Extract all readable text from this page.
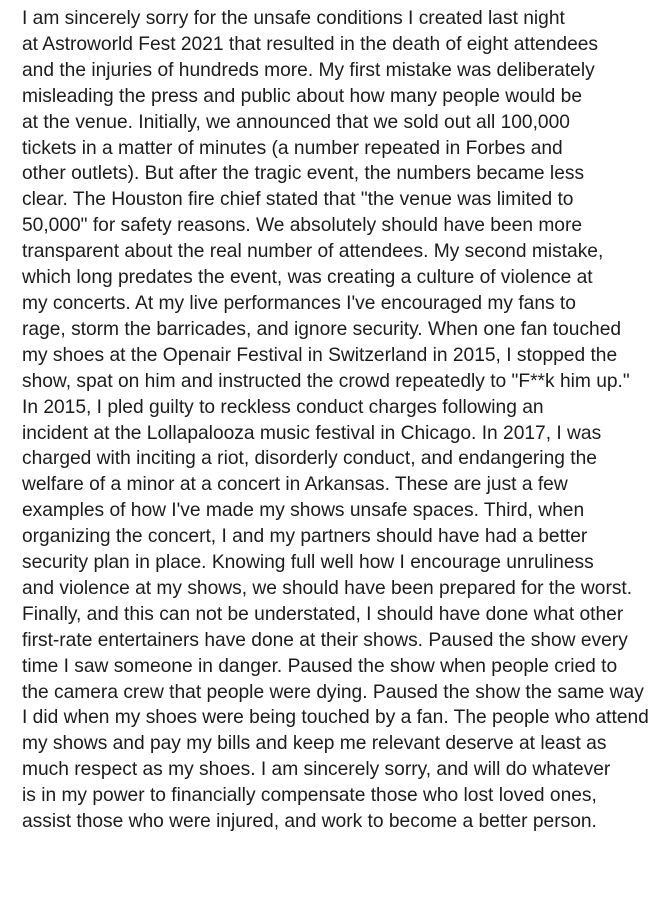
I am sincerely sorry for the unsafe conditions I created last night
at Astroworld Fest 2021 that resulted in the death of eight attendees
and the injuries of hundreds more. My first mistake was deliberately
misleading the press and public about how many people would be
at the venue. Initially, we announced that we sold out all 100,000
tickets in a matter of minutes (a number repeated in Forbes and
other outlets). But after the tragic event, the numbers became less
clear. The Houston fire chief stated that "the venue was limited to
50,000" for safety reasons. We absolutely should have been more
transparent about the real number of attendees. My second mistake,
which long predates the event, was creating a culture of violence at
my concerts. At my live performances I've encouraged my fans to
rage, storm the barricades, and ignore security. When one fan touched
my shoes at the Openair Festival in Switzerland in 2015, I stopped the
show, spat on him and instructed the crowd repeatedly to "F**k him up."
In 2015, I pled guilty to reckless conduct charges following an
incident at the Lollapalooza music festival in Chicago. In 2017, I was
charged with inciting a riot, disorderly conduct, and endangering the
welfare of a minor at a concert in Arkansas. These are just a few
examples of how I've made my shows unsafe spaces. Third, when
organizing the concert, I and my partners should have had a better
security plan in place. Knowing full well how I encourage unruliness
and violence at my shows, we should have been prepared for the worst.
Finally, and this can not be understated, I should have done what other
first-rate entertainers have done at their shows. Paused the show every
time I saw someone in danger. Paused the show when people cried to
the camera crew that people were dying. Paused the show the same way
I did when my shoes were being touched by a fan. The people who attend
my shows and pay my bills and keep me relevant deserve at least as
much respect as my shoes. I am sincerely sorry, and will do whatever
is in my power to financially compensate those who lost loved ones,
assist those who were injured, and work to become a better person.
